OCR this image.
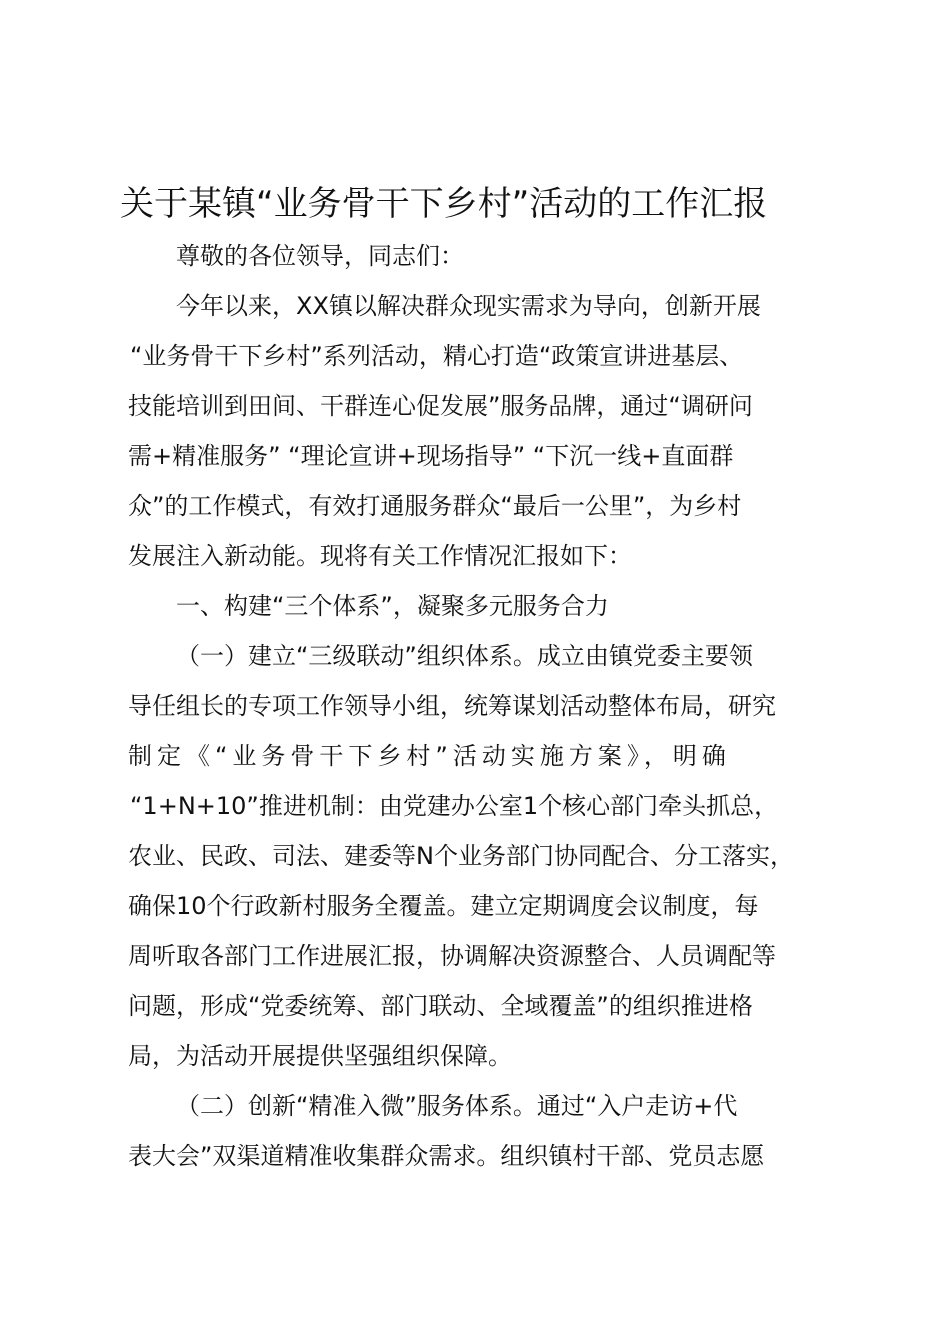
关于某镇“业务骨干下乡村”活动的工作汇报
尊敬的各位领导，同志们：
今年以来，XX镇以解决群众现实需求为导向，创新开展
“业务骨干下乡村”系列活动，精心打造“政策宣讲进基层、
技能培训到田间、干群连心促发展”服务品牌，通过“调研问
需+精准服务” “理论宣讲+现场指导” “下沉一线+直面群
众”的工作模式，有效打通服务群众“最后一公里”，为乡村
发展注入新动能。现将有关工作情况汇报如下：
一、构建“三个体系”，凝聚多元服务合力
（一）建立“三级联动”组织体系。成立由镇党委主要领
导任组长的专项工作领导小组，统筹谋划活动整体布局，研究
制定《“业务骨干下乡村”活动实施方案》，明确
“1+N+10”推进机制：由党建办公室1个核心部门牵头抓总，
农业、民政、司法、建委等N个业务部门协同配合、分工落实，
确保10个行政新村服务全覆盖。建立定期调度会议制度，每
周听取各部门工作进展汇报，协调解决资源整合、人员调配等
问题，形成“党委统筹、部门联动、全域覆盖”的组织推进格
局，为活动开展提供坚强组织保障。
（二）创新“精准入微”服务体系。通过“入户走访+代
表大会”双渠道精准收集群众需求。组织镇村干部、党员志愿
